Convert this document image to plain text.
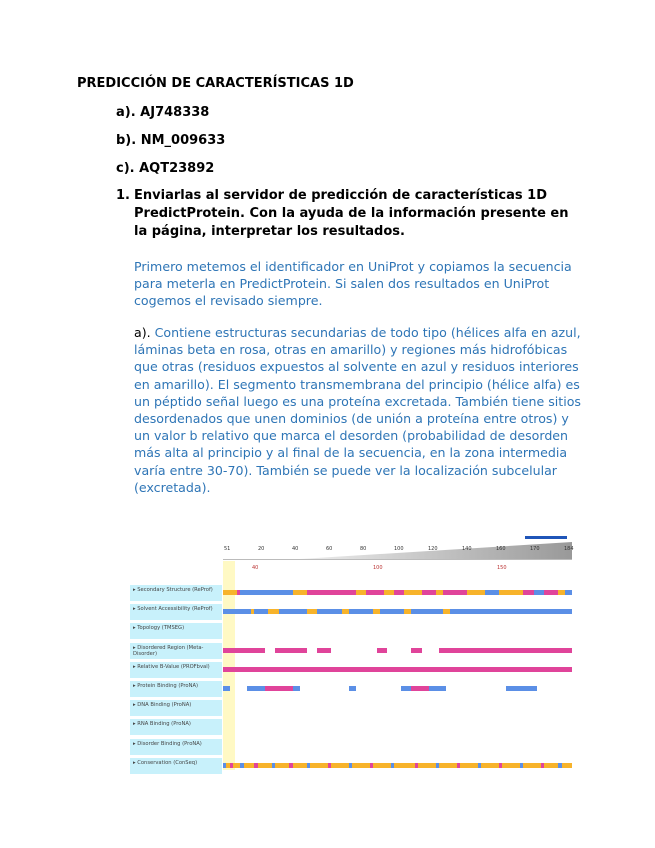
PREDICCIÓN DE CARACTERÍSTICAS 1D
a). AJ748338
b). NM_009633
c). AQT23892
1. Enviarlas al servidor de predicción de características 1D PredictProtein. Con la ayuda de la información presente en la página, interpretar los resultados.
Primero metemos el identificador en UniProt y copiamos la secuencia para meterla en PredictProtein. Si salen dos resultados en UniProt cogemos el revisado siempre.
a). Contiene estructuras secundarias de todo tipo (hélices alfa en azul, láminas beta en rosa, otras en amarillo) y regiones más hidrofóbicas que otras (residuos expuestos al solvente en azul y residuos interiores en amarillo). El segmento transmembrana del principio (hélice alfa) es un péptido señal luego es una proteína excretada. También tiene sitios desordenados que unen dominios (de unión a proteína entre otros) y un valor b relativo que marca el desorden (probabilidad de desorden más alta al principio y al final de la secuencia, en la zona intermedia varía entre 30-70). También se puede ver la localización subcelular (excretada).
51	20	40	60	80	100	120	140	160	170	184
40	100	150
▸ Secondary Structure (ReProf)
▸ Solvent Accessibility (ReProf)
▸ Topology (TMSEG)
▸ Disordered Region (Meta-Disorder)
▸ Relative B-Value (PROFbval)
▸ Protein Binding (ProNA)
▸ DNA Binding (ProNA)
▸ RNA Binding (ProNA)
▸ Disorder Binding (ProNA)
▸ Conservation (ConSeq)
